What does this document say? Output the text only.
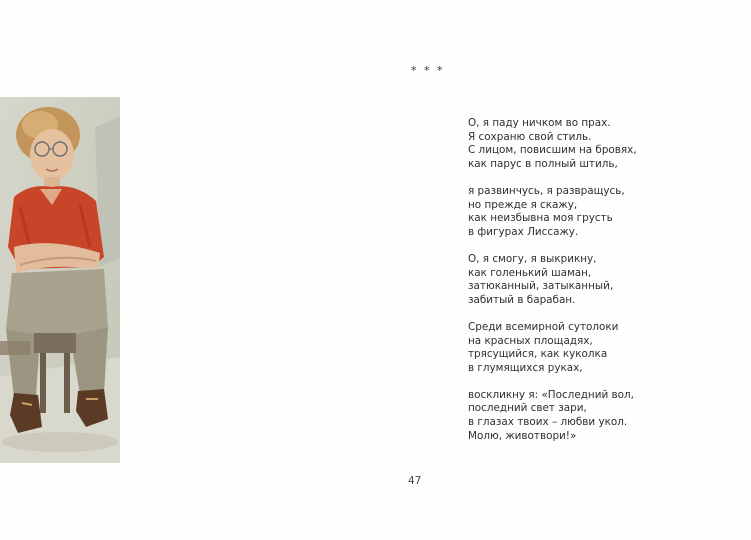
* * *
О, я паду ничком во прах.
Я сохраню свой стиль.
С лицом, повисшим на бровях,
как парус в полный штиль,
я развинчусь, я развращусь,
но прежде я скажу,
как неизбывна моя грусть
в фигурах Лиссажу.
О, я смогу, я выкрикну,
как голенький шаман,
затюканный, затыканный,
забитый в барабан.
Среди всемирной сутолоки
на красных площадях,
трясущийся, как куколка
в глумящихся руках,
воскликну я: «Последний вол,
последний свет зари,
в глазах твоих – любви укол.
Молю, животвори!»
47
